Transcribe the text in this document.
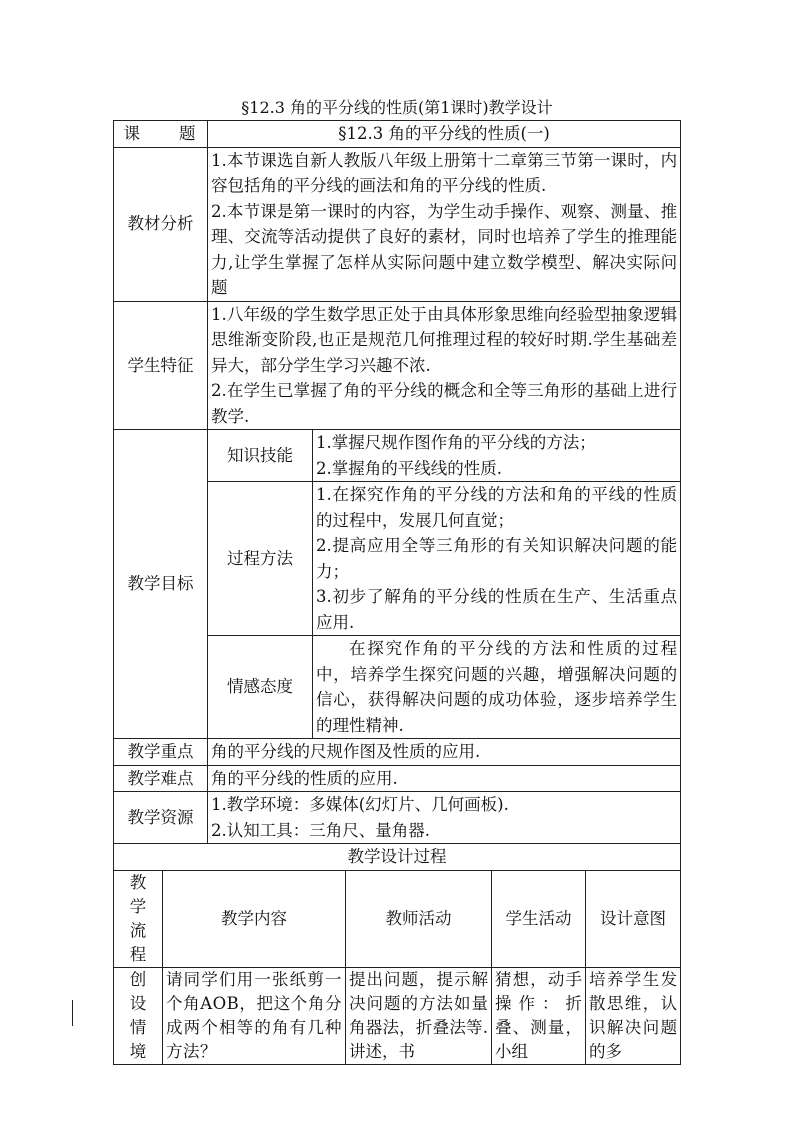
§12.3 角的平分线的性质(第1课时)教学设计
课　　题		§12.3 角的平分线的性质(一)				
教材分析		1.本节课选自新人教版八年级上册第十二章第三节第一课时，内容包括角的平分线的画法和角的平分线的性质.
2.本节课是第一课时的内容，为学生动手操作、观察、测量、推理、交流等活动提供了良好的素材，同时也培养了学生的推理能力,让学生掌握了怎样从实际问题中建立数学模型、解决实际问题				

学生特征		1.八年级的学生数学思正处于由具体形象思维向经验型抽象逻辑思维渐变阶段,也正是规范几何推理过程的较好时期.学生基础差异大，部分学生学习兴趣不浓.
2.在学生已掌握了角的平分线的概念和全等三角形的基础上进行教学.				

教学目标		知识技能	1.掌握尺规作图作角的平分线的方法；
2.掌握角的平线线的性质.			

		过程方法	1.在探究作角的平分线的方法和角的平线的性质的过程中，发展几何直觉；
2.提高应用全等三角形的有关知识解决问题的能力；
3.初步了解角的平分线的性质在生产、生活重点应用.			

		情感态度	在探究作角的平分线的方法和性质的过程中，培养学生探究问题的兴趣，增强解决问题的信心，获得解决问题的成功体验，逐步培养学生的理性精神.			
教学重点		角的平分线的尺规作图及性质的应用.				
教学难点		角的平分线的性质的应用.				
教学资源		1.教学环境：多媒体(幻灯片、几何画板).
2.认知工具：三角尺、量角器.				

教学设计过程						

教
学
流
程	教学内容			教师活动	学生活动	设计意图

创
设
情
境	请同学们用一张纸剪一个角AOB，把这个角分成两个相等的角有几种方法？			提出问题，提示解决问题的方法如量角器法，折叠法等.讲述，书	猜想，动手操作：折叠、测量，小组	培养学生发散思维，认识解决问题的多
